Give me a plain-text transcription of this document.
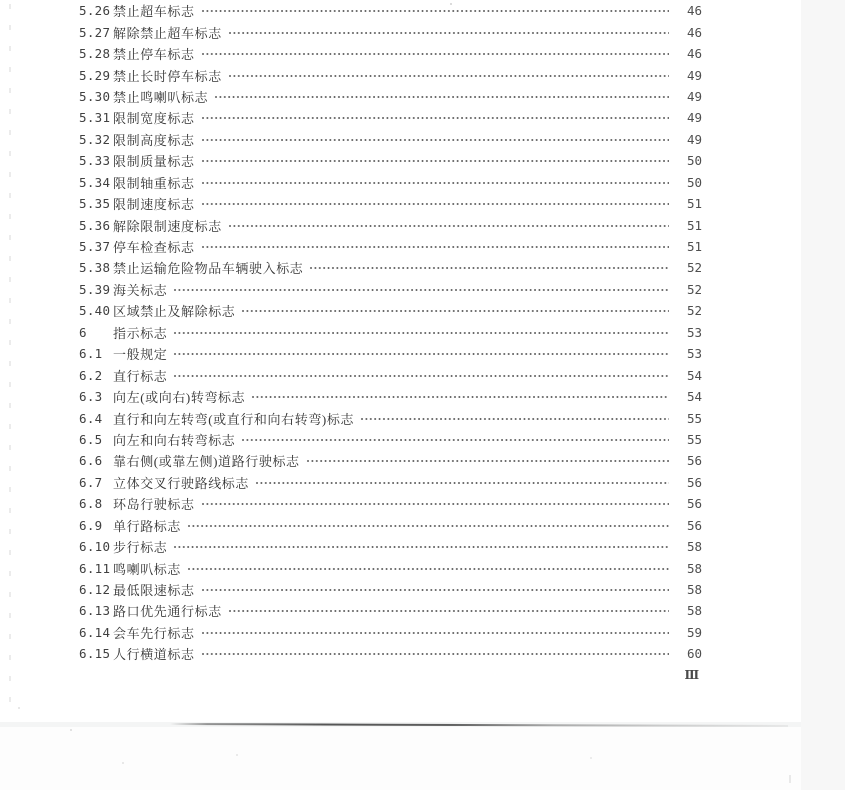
5.26 禁止超车标志	46
5.27 解除禁止超车标志	46
5.28 禁止停车标志	46
5.29 禁止长时停车标志	49
5.30 禁止鸣喇叭标志	49
5.31 限制宽度标志	49
5.32 限制高度标志	49
5.33 限制质量标志	50
5.34 限制轴重标志	50
5.35 限制速度标志	51
5.36 解除限制速度标志	51
5.37 停车检查标志	51
5.38 禁止运输危险物品车辆驶入标志	52
5.39 海关标志	52
5.40 区域禁止及解除标志	52
6	指示标志	53
6.1 一般规定	53
6.2 直行标志	54
6.3 向左(或向右)转弯标志	54
6.4 直行和向左转弯(或直行和向右转弯)标志	55
6.5 向左和向右转弯标志	55
6.6 靠右侧(或靠左侧)道路行驶标志	56
6.7 立体交叉行驶路线标志	56
6.8 环岛行驶标志	56
6.9 单行路标志	56
6.10 步行标志	58
6.11 鸣喇叭标志	58
6.12 最低限速标志	58
6.13 路口优先通行标志	58
6.14 会车先行标志	59
6.15 人行横道标志	60
Ⅲ
